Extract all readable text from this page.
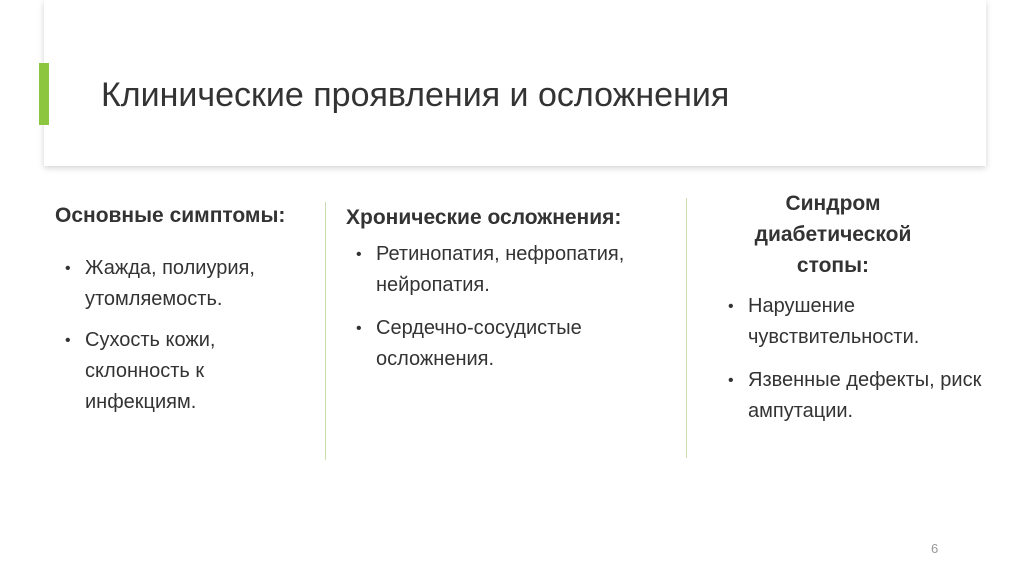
Клинические проявления и осложнения
Основные симптомы:
• Жажда, полиурия, утомляемость.
• Сухость кожи, склонность к инфекциям.
Хронические осложнения:
• Ретинопатия, нефропатия, нейропатия.
• Сердечно-сосудистые осложнения.
Синдром диабетической стопы:
• Нарушение чувствительности.
• Язвенные дефекты, риск ампутации.
6
